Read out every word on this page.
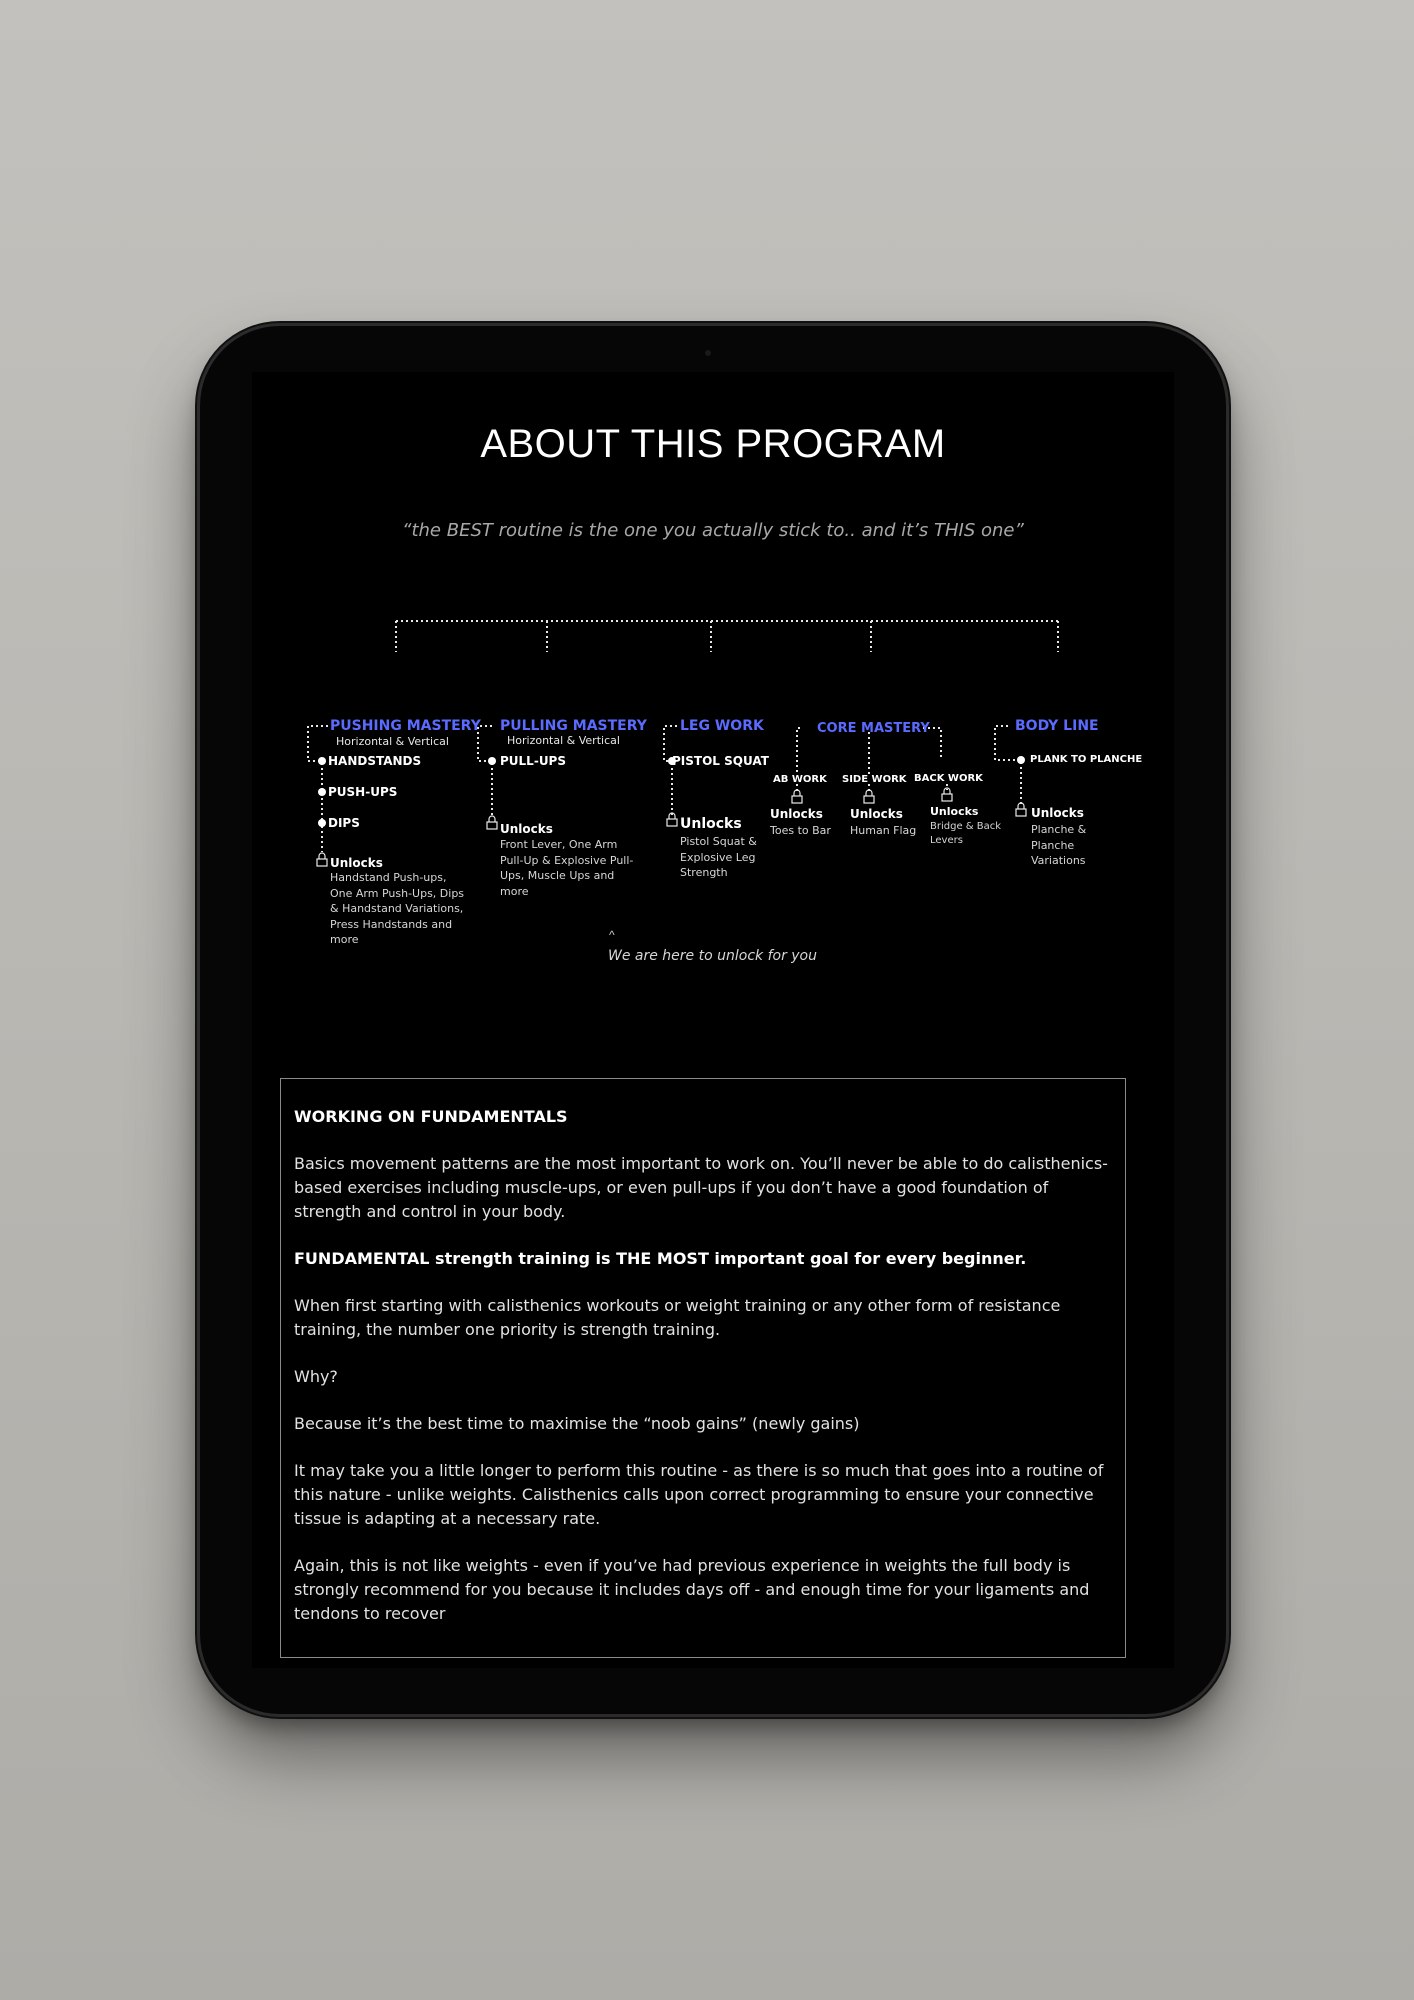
ABOUT THIS PROGRAM
“the BEST routine is the one you actually stick to.. and it’s THIS one”
PUSHING MASTERY
Horizontal & Vertical
HANDSTANDS
PUSH-UPS
DIPS
Unlocks
Handstand Push-ups,
One Arm Push-Ups, Dips
& Handstand Variations,
Press Handstands and
more
PULLING MASTERY
Horizontal & Vertical
PULL-UPS
Unlocks
Front Lever, One Arm
Pull-Up & Explosive Pull-
Ups, Muscle Ups and
more
LEG WORK
PISTOL SQUAT
Unlocks
Pistol Squat &
Explosive Leg
Strength
CORE MASTERY
AB WORK SIDE WORK BACK WORK
Unlocks
Toes to Bar
Unlocks
Human Flag
Unlocks
Bridge & Back
Levers
BODY LINE
PLANK TO PLANCHE
Unlocks
Planche &
Planche
Variations
^
We are here to unlock for you

WORKING ON FUNDAMENTALS

Basics movement patterns are the most important to work on. You’ll never be able to do calisthenics-based exercises including muscle-ups, or even pull-ups if you don’t have a good foundation of strength and control in your body.

FUNDAMENTAL strength training is THE MOST important goal for every beginner.

When first starting with calisthenics workouts or weight training or any other form of resistance training, the number one priority is strength training.

Why?

Because it’s the best time to maximise the “noob gains” (newly gains)

It may take you a little longer to perform this routine - as there is so much that goes into a routine of this nature - unlike weights. Calisthenics calls upon correct programming to ensure your connective tissue is adapting at a necessary rate.

Again, this is not like weights - even if you’ve had previous experience in weights the full body is strongly recommend for you because it includes days off - and enough time for your ligaments and tendons to recover
